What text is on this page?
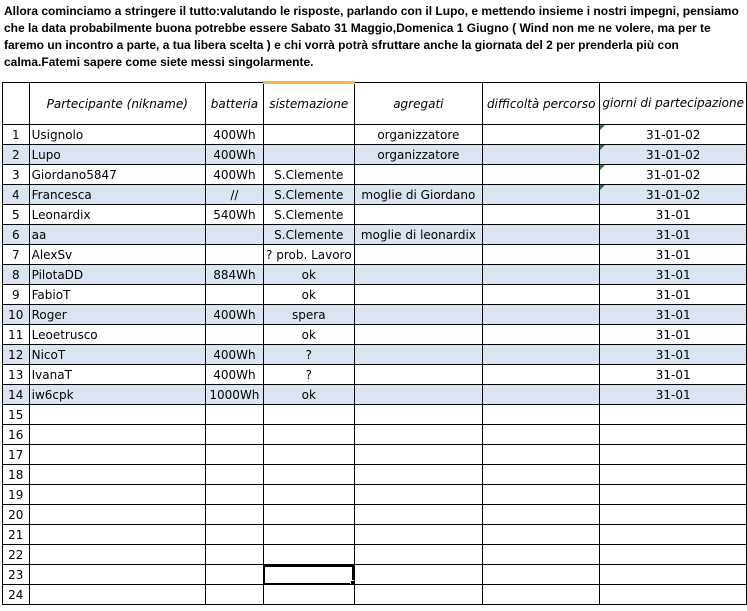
Allora cominciamo a stringere il tutto:valutando le risposte, parlando con il Lupo, e mettendo insieme i nostri impegni, pensiamo che la data probabilmente buona potrebbe essere Sabato 31 Maggio,Domenica 1 Giugno ( Wind non me ne volere, ma per te faremo un incontro a parte, a tua libera scelta ) e chi vorrà potrà sfruttare anche la giornata del 2 per prenderla più con calma.Fatemi sapere come siete messi singolarmente.
	Partecipante (nikname)	batteria	sistemazione	agregati	difficoltà percorso	giorni di partecipazione
1	Usignolo	400Wh		organizzatore		31-01-02
2	Lupo	400Wh		organizzatore		31-01-02
3	Giordano5847	400Wh	S.Clemente			31-01-02
4	Francesca	//	S.Clemente	moglie di Giordano		31-01-02
5	Leonardix	540Wh	S.Clemente			31-01
6	aa		S.Clemente	moglie di leonardix		31-01
7	AlexSv		? prob. Lavoro			31-01
8	PilotaDD	884Wh	ok			31-01
9	FabioT		ok			31-01
10	Roger	400Wh	spera			31-01
11	Leoetrusco		ok			31-01
12	NicoT	400Wh	?			31-01
13	IvanaT	400Wh	?			31-01
14	iw6cpk	1000Wh	ok			31-01
15						
16						
17						
18						
19						
20						
21						
22						
23			

24						
